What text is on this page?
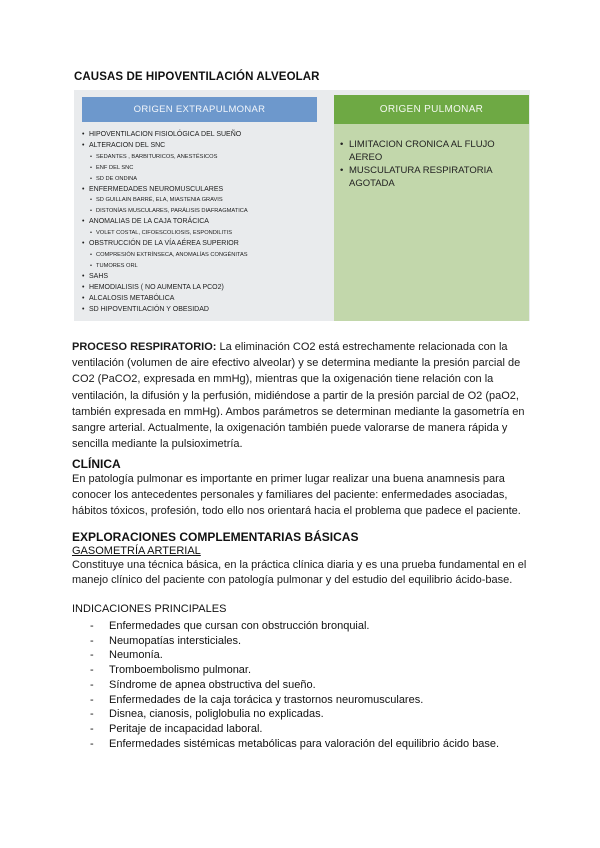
CAUSAS DE HIPOVENTILACIÓN ALVEOLAR
ORIGEN EXTRAPULMONAR
• HIPOVENTILACION FISIOLÓGICA DEL SUEÑO
• ALTERACION DEL SNC
• SEDANTES , BARBITURICOS, ANESTÉSICOS
• ENF DEL SNC
• SD DE ONDINA
• ENFERMEDADES NEUROMUSCULARES
• SD GUILLAIN BARRÉ, ELA, MIASTENIA GRAVIS
• DISTONÍAS MUSCULARES, PARÁLISIS DIAFRAGMATICA
• ANOMALIAS DE LA CAJA TORÁCICA
• VOLET COSTAL, CIFOESCOLIOSIS, ESPONDILITIS
• OBSTRUCCIÓN DE LA VÍA AÉREA SUPERIOR
• COMPRESIÓN EXTRÍNSECA, ANOMALÍAS CONGÉNITAS
• TUMORES ORL
• SAHS
• HEMODIALISIS ( NO AUMENTA LA PCO2)
• ALCALOSIS METABÓLICA
• SD HIPOVENTILACIÓN Y OBESIDAD
ORIGEN PULMONAR
• LIMITACION CRONICA AL FLUJO AEREO
• MUSCULATURA RESPIRATORIA AGOTADA

PROCESO RESPIRATORIO: La eliminación CO2 está estrechamente relacionada con la ventilación (volumen de aire efectivo alveolar) y se determina mediante la presión parcial de CO2 (PaCO2, expresada en mmHg), mientras que la oxigenación tiene relación con la ventilación, la difusión y la perfusión, midiéndose a partir de la presión parcial de O2 (paO2, también expresada en mmHg). Ambos parámetros se determinan mediante la gasometría en sangre arterial. Actualmente, la oxigenación también puede valorarse de manera rápida y sencilla mediante la pulsioximetría.

CLÍNICA

En patología pulmonar es importante en primer lugar realizar una buena anamnesis para conocer los antecedentes personales y familiares del paciente: enfermedades asociadas, hábitos tóxicos, profesión, todo ello nos orientará hacia el problema que padece el paciente.

EXPLORACIONES COMPLEMENTARIAS BÁSICAS
GASOMETRÍA ARTERIAL

Constituye una técnica básica, en la práctica clínica diaria y es una prueba fundamental en el manejo clínico del paciente con patología pulmonar y del estudio del equilibrio ácido-base.

INDICACIONES PRINCIPALES
-	Enfermedades que cursan con obstrucción bronquial.
-	Neumopatías intersticiales.
-	Neumonía.
-	Tromboembolismo pulmonar.
-	Síndrome de apnea obstructiva del sueño.
-	Enfermedades de la caja torácica y trastornos neuromusculares.
-	Disnea, cianosis, poliglobulia no explicadas.
-	Peritaje de incapacidad laboral.
-	Enfermedades sistémicas metabólicas para valoración del equilibrio ácido base.
